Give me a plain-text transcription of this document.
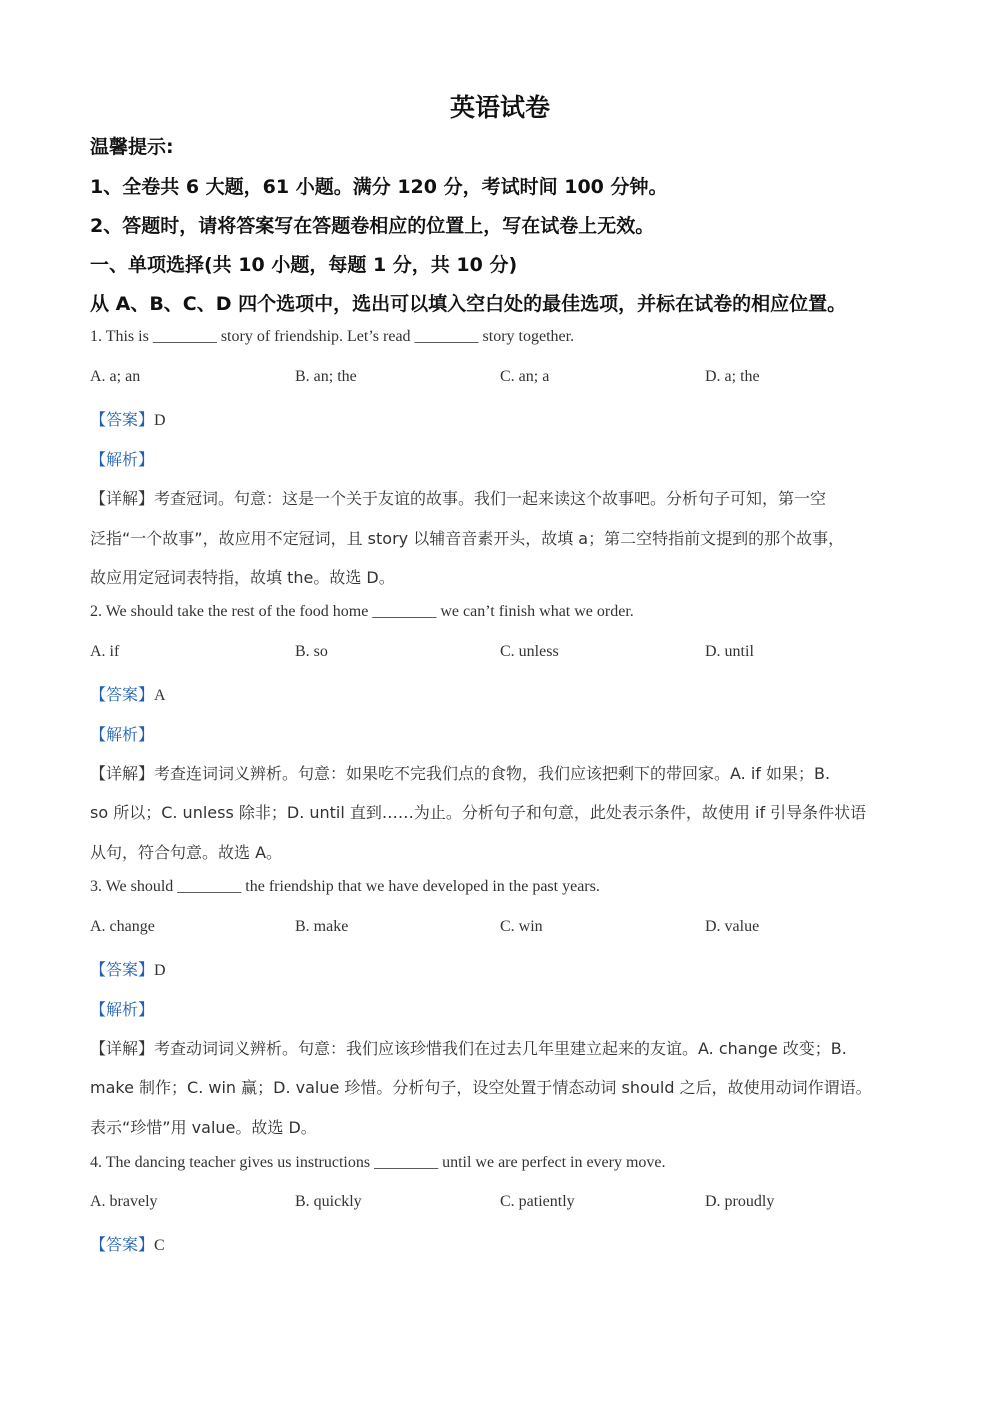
英语试卷
温馨提示:
1、全卷共 6 大题，61 小题。满分 120 分，考试时间 100 分钟。
2、答题时，请将答案写在答题卷相应的位置上，写在试卷上无效。
一、单项选择(共 10 小题，每题 1 分，共 10 分)
从 A、B、C、D 四个选项中，选出可以填入空白处的最佳选项，并标在试卷的相应位置。
1. This is ________ story of friendship. Let’s read ________ story together.
A. a; an	B. an; the	C. an; a	D. a; the
【答案】D
【解析】
【详解】考查冠词。句意：这是一个关于友谊的故事。我们一起来读这个故事吧。分析句子可知，第一空
泛指“一个故事”，故应用不定冠词，且 story 以辅音音素开头，故填 a；第二空特指前文提到的那个故事，
故应用定冠词表特指，故填 the。故选 D。
2. We should take the rest of the food home ________ we can’t finish what we order.
A. if	B. so	C. unless	D. until
【答案】A
【解析】
【详解】考查连词词义辨析。句意：如果吃不完我们点的食物，我们应该把剩下的带回家。A. if 如果；B.
so 所以；C. unless 除非；D. until 直到……为止。分析句子和句意，此处表示条件，故使用 if 引导条件状语
从句，符合句意。故选 A。
3. We should ________ the friendship that we have developed in the past years.
A. change	B. make	C. win	D. value
【答案】D
【解析】
【详解】考查动词词义辨析。句意：我们应该珍惜我们在过去几年里建立起来的友谊。A. change 改变；B.
make 制作；C. win 赢；D. value 珍惜。分析句子，设空处置于情态动词 should 之后，故使用动词作谓语。
表示“珍惜”用 value。故选 D。
4. The dancing teacher gives us instructions ________ until we are perfect in every move.
A. bravely	B. quickly	C. patiently	D. proudly
【答案】C
